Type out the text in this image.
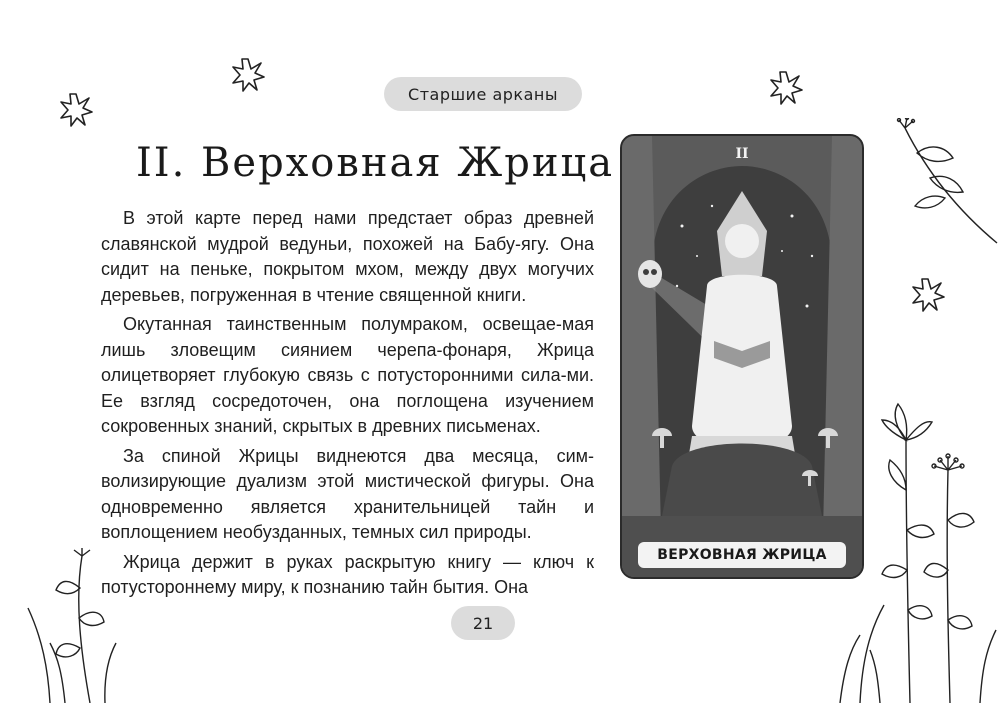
Старшие арканы
II. Верховная Жрица

В этой карте перед нами предстает образ древней славянской мудрой ведуньи, похожей на Бабу-ягу. Она сидит на пеньке, покрытом мхом, между двух могучих деревьев, погруженная в чтение священной книги.

Окутанная таинственным полумраком, освещае-мая лишь зловещим сиянием черепа-фонаря, Жрица олицетворяет глубокую связь с потусторонними сила-ми. Ее взгляд сосредоточен, она поглощена изучением сокровенных знаний, скрытых в древних письменах.

За спиной Жрицы виднеются два месяца, сим-волизирующие дуализм этой мистической фигуры. Она одновременно является хранительницей тайн и воплощением необузданных, темных сил природы.

Жрица держит в руках раскрытую книгу — ключ к потустороннему миру, к познанию тайн бытия. Она

II
ВЕРХОВНАЯ ЖРИЦА
21
